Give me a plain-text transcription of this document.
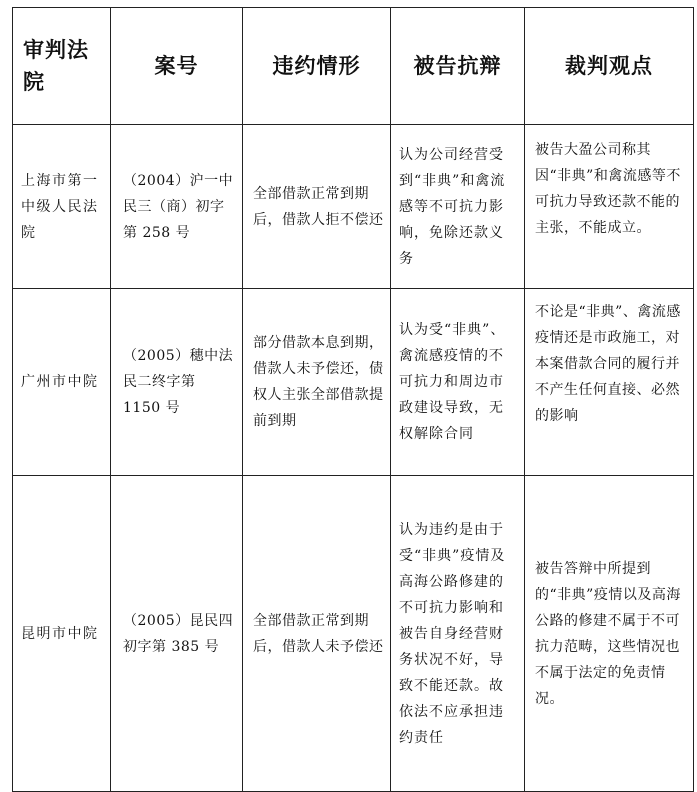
审判法院	案号	违约情形	被告抗辩	裁判观点

上海市第一中级人民法院	（2004）沪一中民三（商）初字第 258 号	全部借款正常到期后，借款人拒不偿还	认为公司经营受到“非典”和禽流感等不可抗力影响，免除还款义务	被告大盈公司称其因“非典”和禽流感等不可抗力导致还款不能的主张，不能成立。

广州市中院	（2005）穗中法民二终字第 1150 号	部分借款本息到期，借款人未予偿还，债权人主张全部借款提前到期	认为受“非典”、禽流感疫情的不可抗力和周边市政建设导致，无权解除合同	不论是“非典”、禽流感疫情还是市政施工，对本案借款合同的履行并不产生任何直接、必然的影响

昆明市中院	（2005）昆民四初字第 385 号	全部借款正常到期后，借款人未予偿还	认为违约是由于受“非典”疫情及高海公路修建的不可抗力影响和被告自身经营财务状况不好，导致不能还款。故依法不应承担违约责任	被告答辩中所提到的“非典”疫情以及高海公路的修建不属于不可抗力范畴，这些情况也不属于法定的免责情况。
